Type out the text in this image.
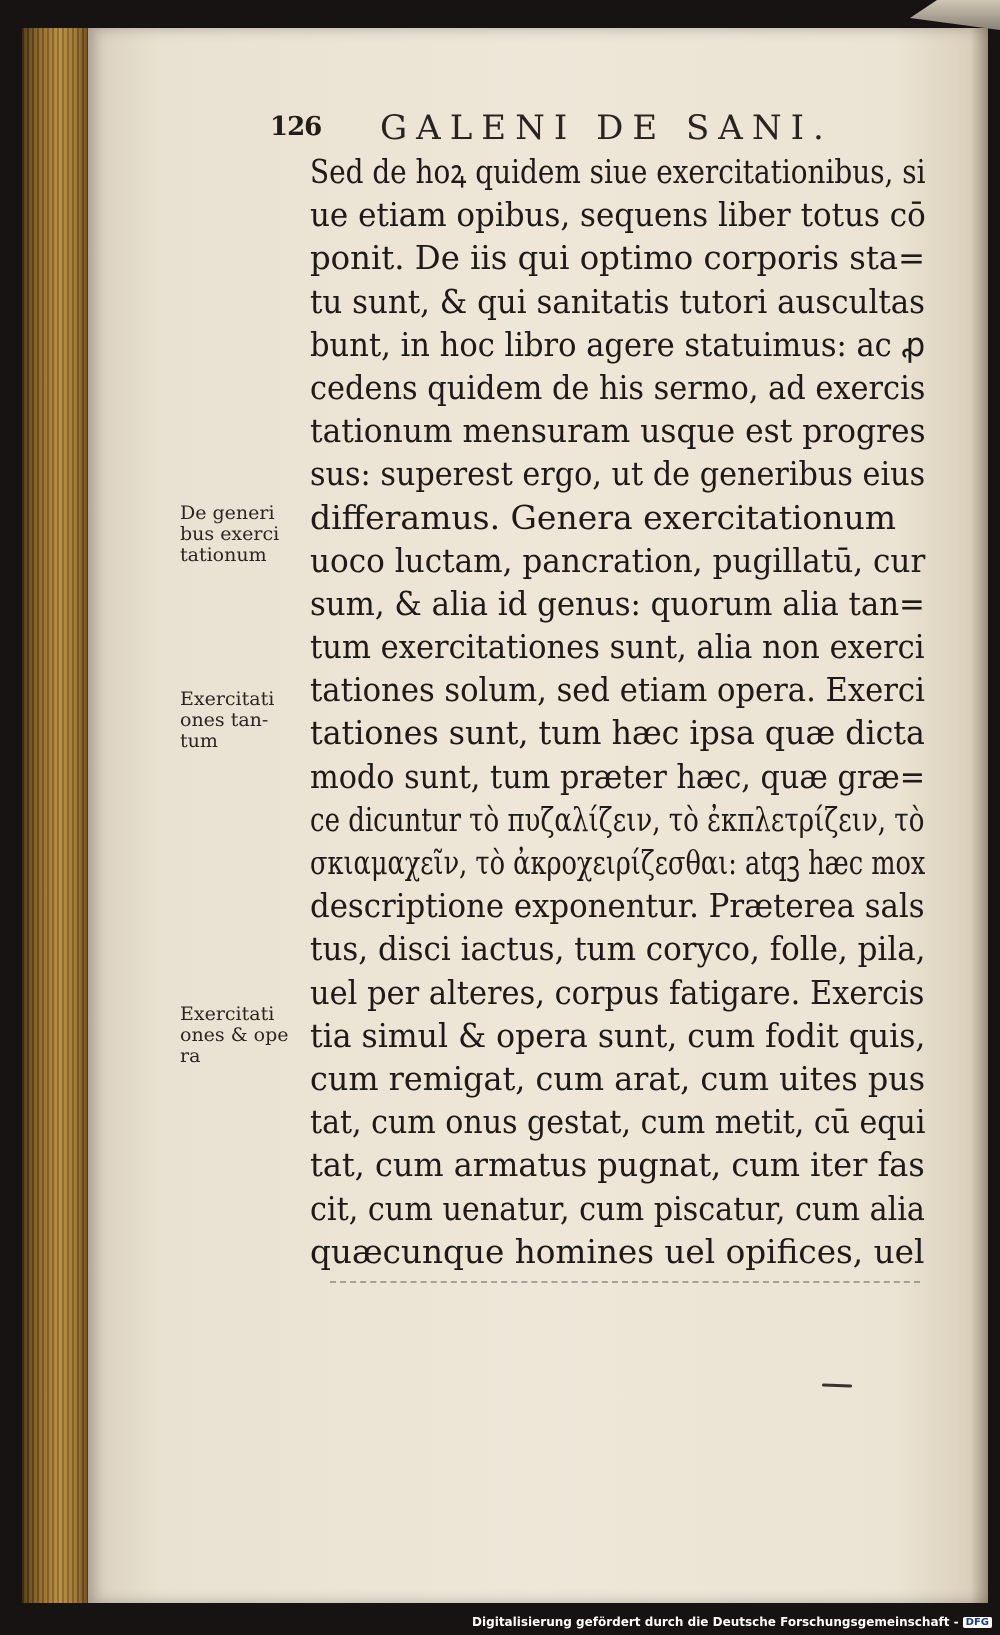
126 GALENI DE SANI.
Sed de hoꝝ quidem siue exercitationibus, si
ue etiam opibus, sequens liber totus cō
ponit. De iis qui optimo corporis sta=
tu sunt, & qui sanitatis tutori auscultas
bunt, in hoc libro agere statuimus: ac ꝓ
cedens quidem de his sermo, ad exercis
tationum mensuram usque est progres
sus: superest ergo, ut de generibus eius
differamus. Genera exercitationum
uoco luctam, pancration, pugillatū, cur
sum, & alia id genus: quorum alia tan=
tum exercitationes sunt, alia non exerci
tationes solum, sed etiam opera. Exerci
tationes sunt, tum hæc ipsa quæ dicta
modo sunt, tum præter hæc, quæ græ=
ce dicuntur τὸ πυζαλίζειν, τὸ ἐκπλετρίζειν, τὸ
σκιαμαχεῖν, τὸ ἀκροχειρίζεσθαι: atqꝫ hæc mox
descriptione exponentur. Præterea sals
tus, disci iactus, tum coryco, folle, pila,
uel per alteres, corpus fatigare. Exercis
tia simul & opera sunt, cum fodit quis,
cum remigat, cum arat, cum uites pus
tat, cum onus gestat, cum metit, cū equi
tat, cum armatus pugnat, cum iter fas
cit, cum uenatur, cum piscatur, cum alia
quæcunque homines uel opifices, uel
De generi bus exerci tationum
Exercitati ones tan- tum
Exercitati ones & ope ra
Digitalisierung gefördert durch die Deutsche Forschungsgemeinschaft - DFG
